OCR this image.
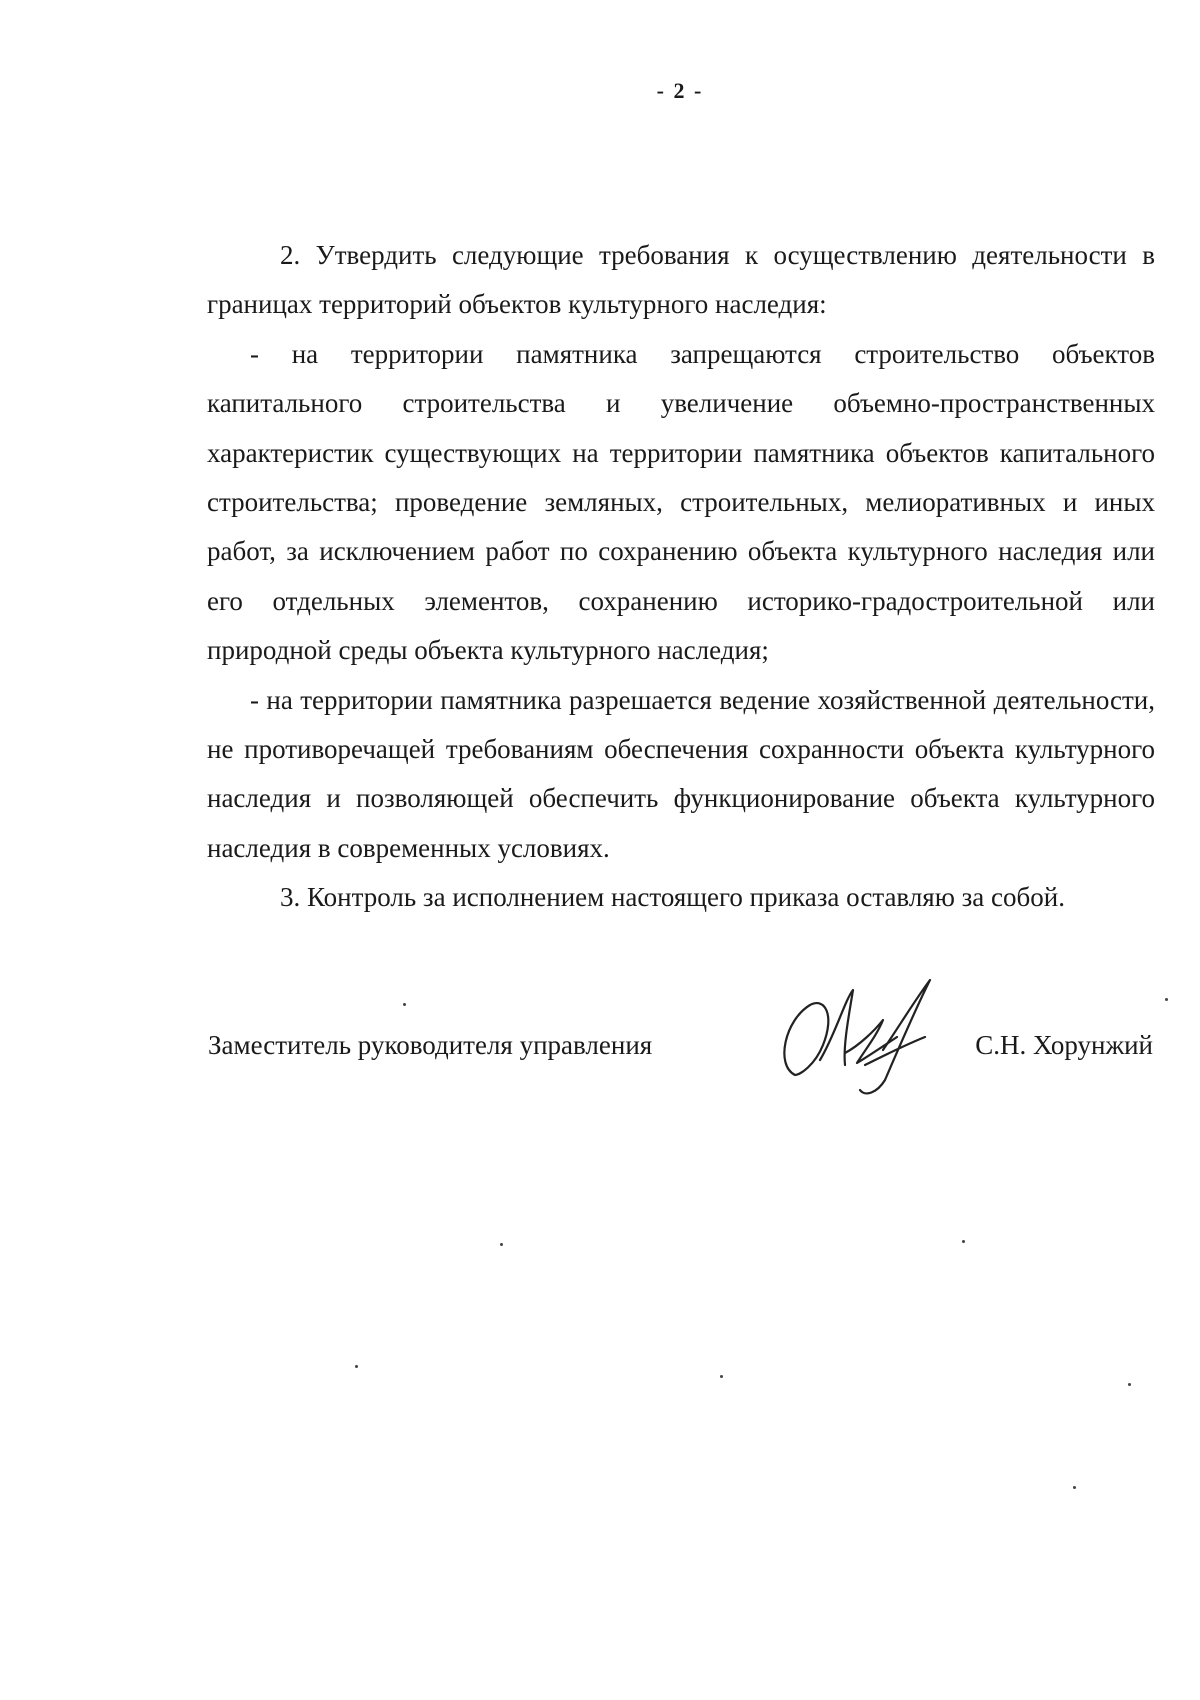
- 2 -

2. Утвердить следующие требования к осуществлению деятельности в границах территорий объектов культурного наследия:

- на территории памятника запрещаются строительство объектов капитального строительства и увеличение объемно-пространственных характеристик существующих на территории памятника объектов капитального строительства; проведение земляных, строительных, мелиоративных и иных работ, за исключением работ по сохранению объекта культурного наследия или его отдельных элементов, сохранению историко-градостроительной или природной среды объекта культурного наследия;

- на территории памятника разрешается ведение хозяйственной деятельности, не противоречащей требованиям обеспечения сохранности объекта культурного наследия и позволяющей обеспечить функционирование объекта культурного наследия в современных условиях.

3. Контроль за исполнением настоящего приказа оставляю за собой.

Заместитель руководителя управления	С.Н. Хорунжий
